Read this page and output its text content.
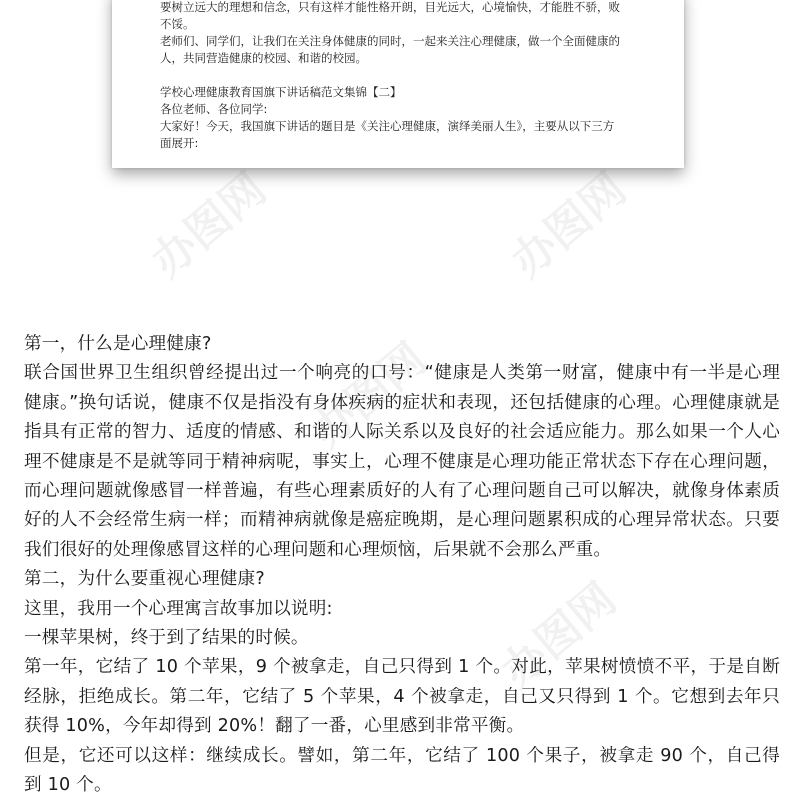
要树立远大的理想和信念，只有这样才能性格开朗，目光远大，心境愉快，才能胜不骄，败

不馁。

老师们、同学们，让我们在关注身体健康的同时，一起来关注心理健康，做一个全面健康的

人，共同营造健康的校园、和谐的校园。

学校心理健康教育国旗下讲话稿范文集锦【二】

各位老师、各位同学:

大家好！今天，我国旗下讲话的题目是《关注心理健康，演绎美丽人生》，主要从以下三方

面展开:

办图网	办图网
办图网
办图网

第一，什么是心理健康?

联合国世界卫生组织曾经提出过一个响亮的口号：“健康是人类第一财富，健康中有一半是心理健康。”换句话说，健康不仅是指没有身体疾病的症状和表现，还包括健康的心理。心理健康就是指具有正常的智力、适度的情感、和谐的人际关系以及良好的社会适应能力。那么如果一个人心理不健康是不是就等同于精神病呢，事实上，心理不健康是心理功能正常状态下存在心理问题，而心理问题就像感冒一样普遍，有些心理素质好的人有了心理问题自己可以解决，就像身体素质好的人不会经常生病一样；而精神病就像是癌症晚期，是心理问题累积成的心理异常状态。只要我们很好的处理像感冒这样的心理问题和心理烦恼，后果就不会那么严重。

第二，为什么要重视心理健康?

这里，我用一个心理寓言故事加以说明:

一棵苹果树，终于到了结果的时候。

第一年，它结了 10 个苹果，9 个被拿走，自己只得到 1 个。对此，苹果树愤愤不平，于是自断经脉，拒绝成长。第二年，它结了 5 个苹果，4 个被拿走，自己又只得到 1 个。它想到去年只获得 10%，今年却得到 20%！翻了一番，心里感到非常平衡。

但是，它还可以这样：继续成长。譬如，第二年，它结了 100 个果子，被拿走 90 个，自己得到 10 个。
